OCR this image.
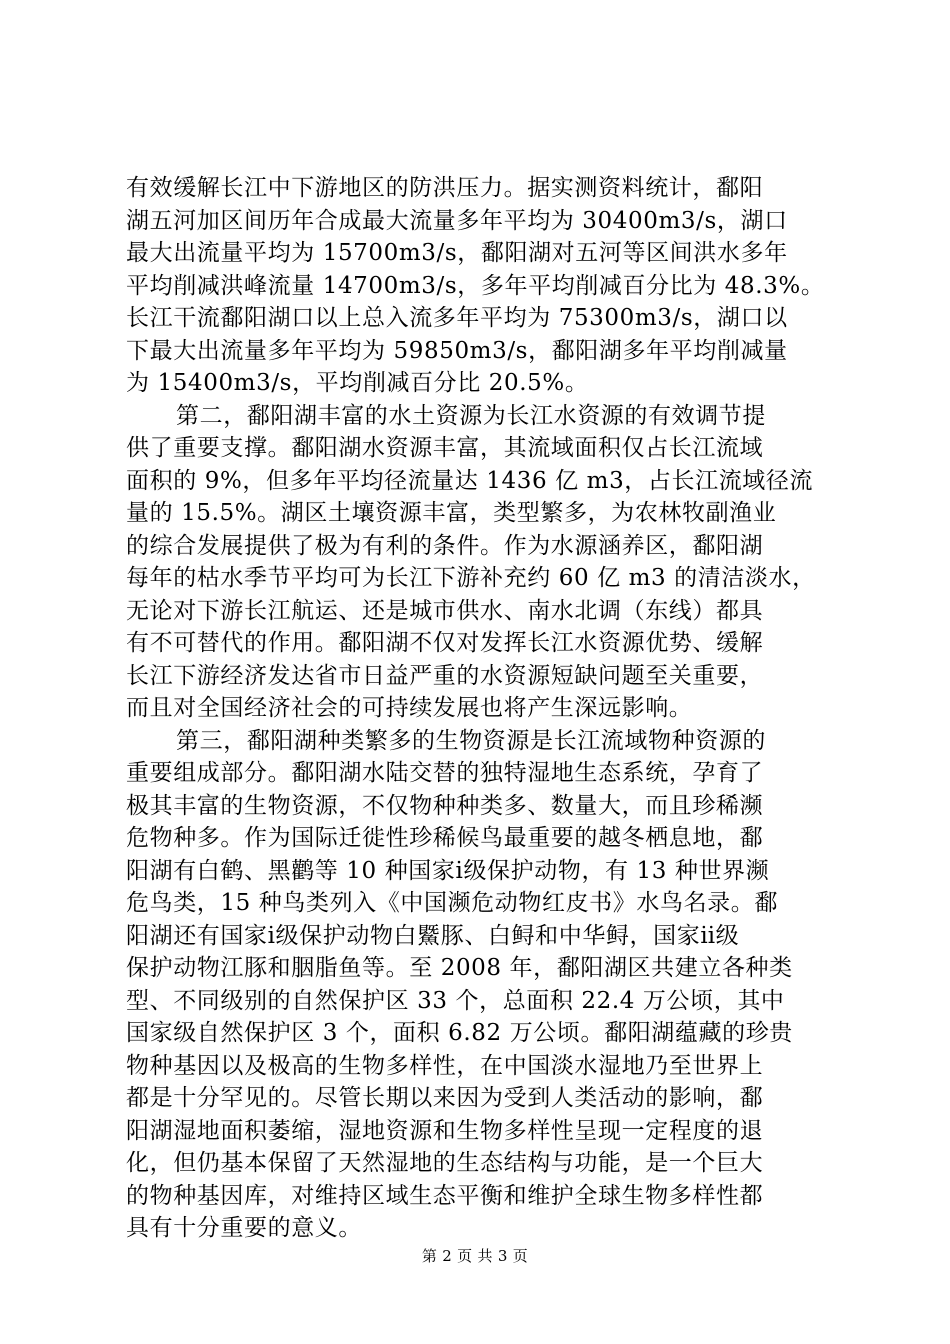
有效缓解长江中下游地区的防洪压力。据实测资料统计，鄱阳
湖五河加区间历年合成最大流量多年平均为 30400m3/s，湖口
最大出流量平均为 15700m3/s，鄱阳湖对五河等区间洪水多年
平均削减洪峰流量 14700m3/s，多年平均削减百分比为 48.3%。
长江干流鄱阳湖口以上总入流多年平均为 75300m3/s，湖口以
下最大出流量多年平均为 59850m3/s，鄱阳湖多年平均削减量
为 15400m3/s，平均削减百分比 20.5%。
第二，鄱阳湖丰富的水土资源为长江水资源的有效调节提
供了重要支撑。鄱阳湖水资源丰富，其流域面积仅占长江流域
面积的 9%，但多年平均径流量达 1436 亿 m3，占长江流域径流
量的 15.5%。湖区土壤资源丰富，类型繁多，为农林牧副渔业
的综合发展提供了极为有利的条件。作为水源涵养区，鄱阳湖
每年的枯水季节平均可为长江下游补充约 60 亿 m3 的清洁淡水，
无论对下游长江航运、还是城市供水、南水北调（东线）都具
有不可替代的作用。鄱阳湖不仅对发挥长江水资源优势、缓解
长江下游经济发达省市日益严重的水资源短缺问题至关重要，
而且对全国经济社会的可持续发展也将产生深远影响。
第三，鄱阳湖种类繁多的生物资源是长江流域物种资源的
重要组成部分。鄱阳湖水陆交替的独特湿地生态系统，孕育了
极其丰富的生物资源，不仅物种种类多、数量大，而且珍稀濒
危物种多。作为国际迁徙性珍稀候鸟最重要的越冬栖息地，鄱
阳湖有白鹤、黑鹳等 10 种国家ⅰ级保护动物，有 13 种世界濒
危鸟类，15 种鸟类列入《中国濒危动物红皮书》水鸟名录。鄱
阳湖还有国家ⅰ级保护动物白鱀豚、白鲟和中华鲟，国家ⅱ级
保护动物江豚和胭脂鱼等。至 2008 年，鄱阳湖区共建立各种类
型、不同级别的自然保护区 33 个，总面积 22.4 万公顷，其中
国家级自然保护区 3 个，面积 6.82 万公顷。鄱阳湖蕴藏的珍贵
物种基因以及极高的生物多样性，在中国淡水湿地乃至世界上
都是十分罕见的。尽管长期以来因为受到人类活动的影响，鄱
阳湖湿地面积萎缩，湿地资源和生物多样性呈现一定程度的退
化，但仍基本保留了天然湿地的生态结构与功能，是一个巨大
的物种基因库，对维持区域生态平衡和维护全球生物多样性都
具有十分重要的意义。
第 2 页 共 3 页
